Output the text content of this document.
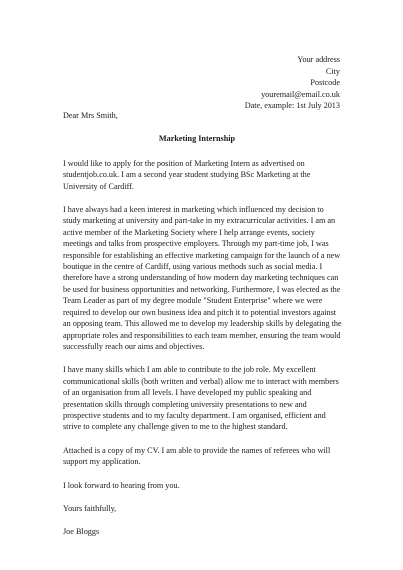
Your address
City
Postcode
youremail@email.co.uk
Date, example: 1st July 2013
Dear Mrs Smith,
Marketing Internship

I would like to apply for the position of Marketing Intern as advertised on studentjob.co.uk. I am a second year student studying BSc Marketing at the University of Cardiff.

I have always had a keen interest in marketing which influenced my decision to study marketing at university and part-take in my extracurricular activities. I am an active member of the Marketing Society where I help arrange events, society meetings and talks from prospective employers. Through my part-time job, I was responsible for establishing an effective marketing campaign for the launch of a new boutique in the centre of Cardiff, using various methods such as social media. I therefore have a strong understanding of how modern day marketing techniques can be used for business opportunities and networking. Furthermore, I was elected as the Team Leader as part of my degree module "Student Enterprise" where we were required to develop our own business idea and pitch it to potential investors against an opposing team. This allowed me to develop my leadership skills by delegating the appropriate roles and responsibilities to each team member, ensuring the team would successfully reach our aims and objectives.

I have many skills which I am able to contribute to the job role. My excellent communicational skills (both written and verbal) allow me to interact with members of an organisation from all levels. I have developed my public speaking and presentation skills through completing university presentations to new and prospective students and to my faculty department. I am organised, efficient and strive to complete any challenge given to me to the highest standard.

Attached is a copy of my CV. I am able to provide the names of referees who will support my application.

I look forward to hearing from you.

Yours faithfully,
Joe Bloggs
